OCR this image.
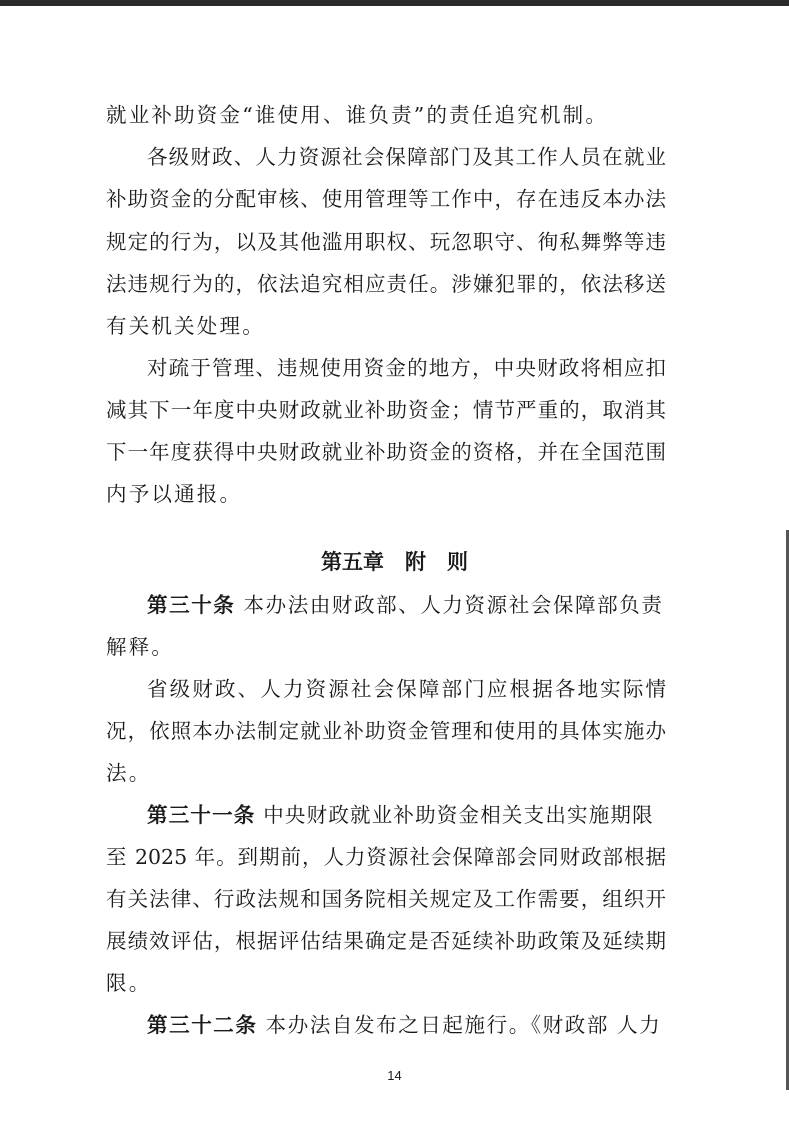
就业补助资金“谁使用、谁负责”的责任追究机制。
各级财政、人力资源社会保障部门及其工作人员在就业
补助资金的分配审核、使用管理等工作中，存在违反本办法
规定的行为，以及其他滥用职权、玩忽职守、徇私舞弊等违
法违规行为的，依法追究相应责任。涉嫌犯罪的，依法移送
有关机关处理。
对疏于管理、违规使用资金的地方，中央财政将相应扣
减其下一年度中央财政就业补助资金；情节严重的，取消其
下一年度获得中央财政就业补助资金的资格，并在全国范围
内予以通报。
第五章　附　则
第三十条 本办法由财政部、人力资源社会保障部负责
解释。
省级财政、人力资源社会保障部门应根据各地实际情
况，依照本办法制定就业补助资金管理和使用的具体实施办
法。
第三十一条 中央财政就业补助资金相关支出实施期限
至 2025 年。到期前，人力资源社会保障部会同财政部根据
有关法律、行政法规和国务院相关规定及工作需要，组织开
展绩效评估，根据评估结果确定是否延续补助政策及延续期
限。
第三十二条 本办法自发布之日起施行。《财政部 人力
14
